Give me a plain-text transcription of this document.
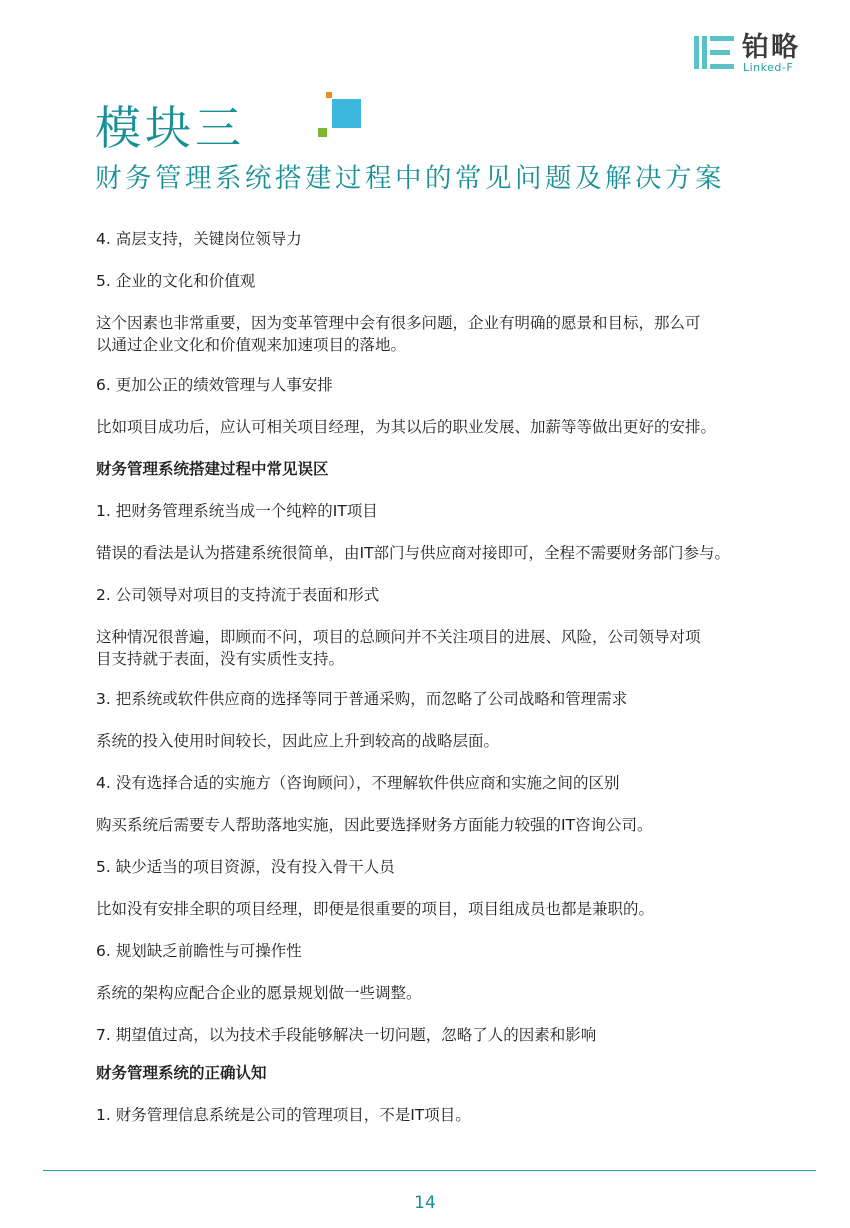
铂略
Linked-F
模块三
财务管理系统搭建过程中的常见问题及解决方案

4. 高层支持，关键岗位领导力

5. 企业的文化和价值观

这个因素也非常重要，因为变革管理中会有很多问题，企业有明确的愿景和目标，那么可
以通过企业文化和价值观来加速项目的落地。

6. 更加公正的绩效管理与人事安排

比如项目成功后，应认可相关项目经理，为其以后的职业发展、加薪等等做出更好的安排。

财务管理系统搭建过程中常见误区

1. 把财务管理系统当成一个纯粹的IT项目

错误的看法是认为搭建系统很简单，由IT部门与供应商对接即可，全程不需要财务部门参与。

2. 公司领导对项目的支持流于表面和形式

这种情况很普遍，即顾而不问，项目的总顾问并不关注项目的进展、风险，公司领导对项
目支持就于表面，没有实质性支持。

3. 把系统或软件供应商的选择等同于普通采购，而忽略了公司战略和管理需求

系统的投入使用时间较长，因此应上升到较高的战略层面。

4. 没有选择合适的实施方（咨询顾问），不理解软件供应商和实施之间的区别

购买系统后需要专人帮助落地实施，因此要选择财务方面能力较强的IT咨询公司。

5. 缺少适当的项目资源，没有投入骨干人员

比如没有安排全职的项目经理，即便是很重要的项目，项目组成员也都是兼职的。

6. 规划缺乏前瞻性与可操作性

系统的架构应配合企业的愿景规划做一些调整。

7. 期望值过高，以为技术手段能够解决一切问题，忽略了人的因素和影响

财务管理系统的正确认知

1. 财务管理信息系统是公司的管理项目，不是IT项目。

14
